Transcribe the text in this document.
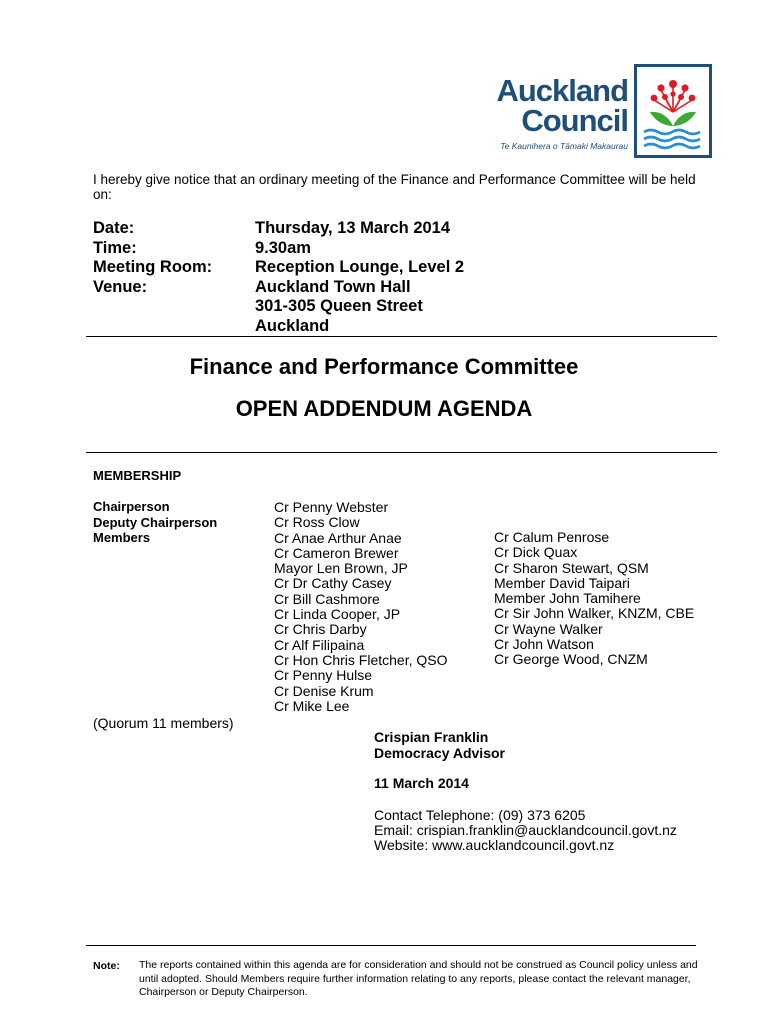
Auckland
Council
Te Kaunihera o Tāmaki Makaurau
I hereby give notice that an ordinary meeting of the Finance and Performance Committee will be held on:
Date:
Time:
Meeting Room:
Venue:
Thursday, 13 March 2014
9.30am
Reception Lounge, Level 2
Auckland Town Hall
301-305 Queen Street
Auckland
Finance and Performance Committee
OPEN ADDENDUM AGENDA
MEMBERSHIP
Chairperson
Deputy Chairperson
Members
Cr Penny Webster
Cr Ross Clow
Cr Anae Arthur Anae
Cr Cameron Brewer
Mayor Len Brown, JP
Cr Dr Cathy Casey
Cr Bill Cashmore
Cr Linda Cooper, JP
Cr Chris Darby
Cr Alf Filipaina
Cr Hon Chris Fletcher, QSO
Cr Penny Hulse
Cr Denise Krum
Cr Mike Lee
Cr Calum Penrose
Cr Dick Quax
Cr Sharon Stewart, QSM
Member David Taipari
Member John Tamihere
Cr Sir John Walker, KNZM, CBE
Cr Wayne Walker
Cr John Watson
Cr George Wood, CNZM
(Quorum 11 members)
Crispian Franklin
Democracy Advisor
11 March 2014
Contact Telephone: (09) 373 6205
Email: crispian.franklin@aucklandcouncil.govt.nz
Website: www.aucklandcouncil.govt.nz
Note: The reports contained within this agenda are for consideration and should not be construed as Council policy unless and until adopted. Should Members require further information relating to any reports, please contact the relevant manager, Chairperson or Deputy Chairperson.
